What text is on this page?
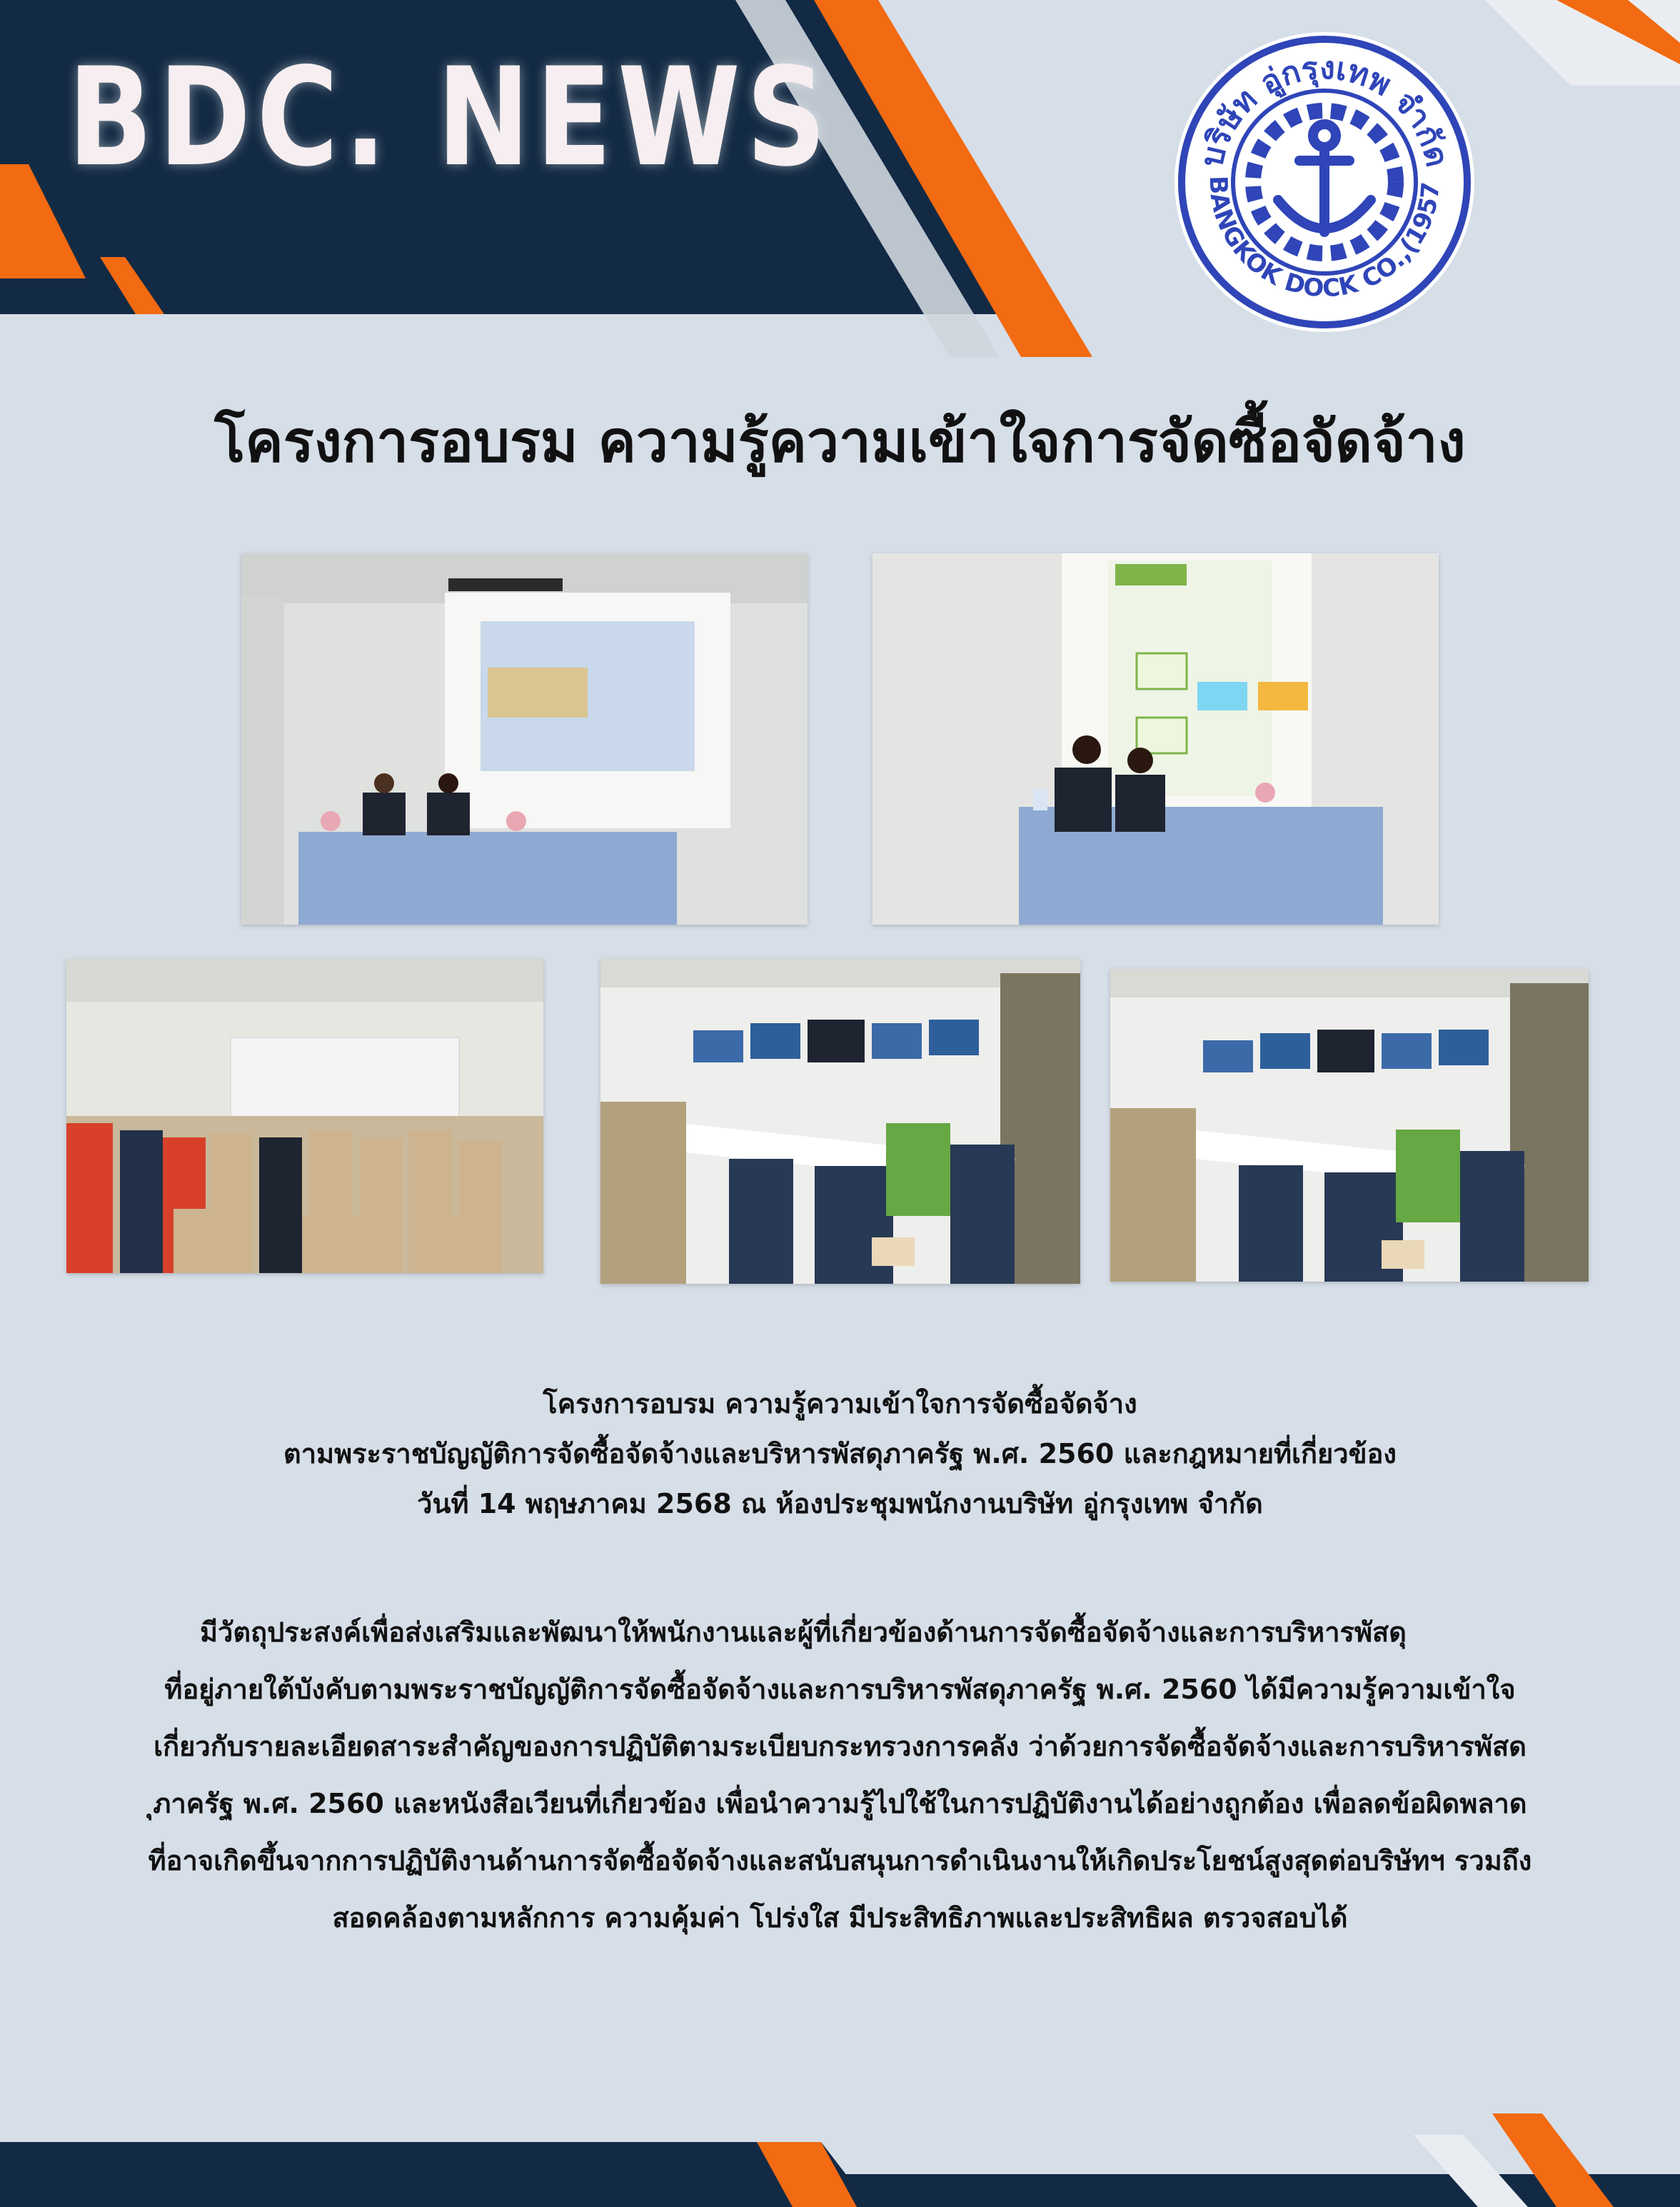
BDC. NEWS	บริษัท อู่กรุงเทพ จำกัด
BANGKOK DOCK CO.,(1957
โครงการอบรม ความรู้ความเข้าใจการจัดซื้อจัดจ้าง
โครงการอบรม ความรู้ความเข้าใจการจัดซื้อจัดจ้าง
ตามพระราชบัญญัติการจัดซื้อจัดจ้างและบริหารพัสดุภาครัฐ พ.ศ. 2560 และกฎหมายที่เกี่ยวข้อง
วันที่ 14 พฤษภาคม 2568 ณ ห้องประชุมพนักงานบริษัท อู่กรุงเทพ จำกัด
มีวัตถุประสงค์เพื่อส่งเสริมและพัฒนาให้พนักงานและผู้ที่เกี่ยวข้องด้านการจัดซื้อจัดจ้างและการบริหารพัสดุ
ที่อยู่ภายใต้บังคับตามพระราชบัญญัติการจัดซื้อจัดจ้างและการบริหารพัสดุภาครัฐ พ.ศ. 2560 ได้มีความรู้ความเข้าใจ
เกี่ยวกับรายละเอียดสาระสำคัญของการปฏิบัติตามระเบียบกระทรวงการคลัง ว่าด้วยการจัดซื้อจัดจ้างและการบริหารพัสด
ุภาครัฐ พ.ศ. 2560 และหนังสือเวียนที่เกี่ยวข้อง เพื่อนำความรู้ไปใช้ในการปฏิบัติงานได้อย่างถูกต้อง เพื่อลดข้อผิดพลาด
ที่อาจเกิดขึ้นจากการปฏิบัติงานด้านการจัดซื้อจัดจ้างและสนับสนุนการดำเนินงานให้เกิดประโยชน์สูงสุดต่อบริษัทฯ รวมถึง
สอดคล้องตามหลักการ ความคุ้มค่า โปร่งใส มีประสิทธิภาพและประสิทธิผล ตรวจสอบได้
